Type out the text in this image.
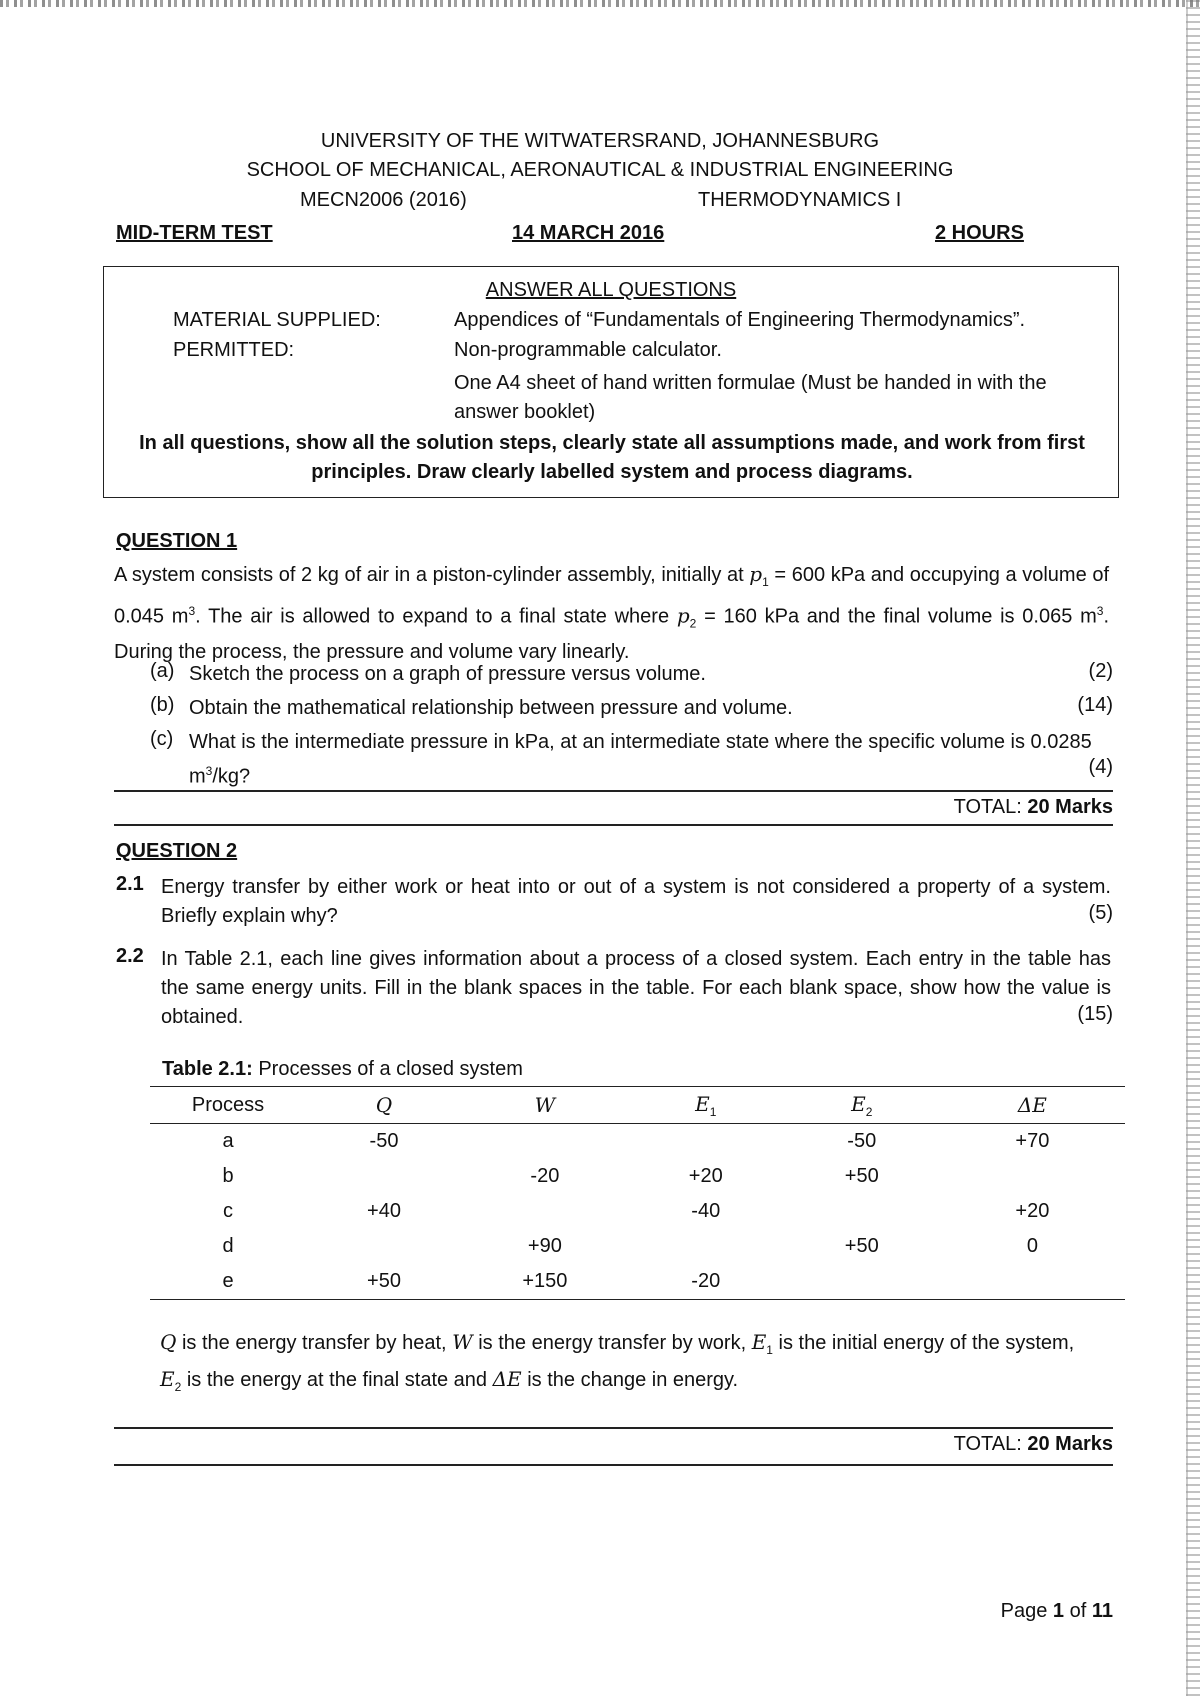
UNIVERSITY OF THE WITWATERSRAND, JOHANNESBURG
SCHOOL OF MECHANICAL, AERONAUTICAL & INDUSTRIAL ENGINEERING
MECN2006 (2016)	THERMODYNAMICS I
MID-TERM TEST	14 MARCH 2016	2 HOURS
ANSWER ALL QUESTIONS
MATERIAL SUPPLIED:	Appendices of “Fundamentals of Engineering Thermodynamics”.
PERMITTED:	Non-programmable calculator.
One A4 sheet of hand written formulae (Must be handed in with the answer booklet)
In all questions, show all the solution steps, clearly state all assumptions made, and work from first principles. Draw clearly labelled system and process diagrams.
QUESTION 1
A system consists of 2 kg of air in a piston-cylinder assembly, initially at $p_1 = 600$ kPa and occupying a volume of 0.045 $m^3$. The air is allowed to expand to a final state where $p_2 = 160$ kPa and the final volume is 0.065 $m^3$. During the process, the pressure and volume vary linearly.
(a) Sketch the process on a graph of pressure versus volume.	(2)
(b) Obtain the mathematical relationship between pressure and volume.	(14)
(c) What is the intermediate pressure in kPa, at an intermediate state where the specific volume is 0.0285 $m^3/kg$?	(4)
TOTAL: 20 Marks
QUESTION 2
2.1 Energy transfer by either work or heat into or out of a system is not considered a property of a system. Briefly explain why?	(5)
2.2 In Table 2.1, each line gives information about a process of a closed system. Each entry in the table has the same energy units. Fill in the blank spaces in the table. For each blank space, show how the value is obtained.	(15)
Table 2.1: Processes of a closed system
Process	Q	W	$E_1$	$E_2$	ΔE
a	-50			-50	+70
b		-20	+20	+50	
c	+40		-40		+20
d		+90		+50	0
e	+50	+150	-20		
Q is the energy transfer by heat, W is the energy transfer by work, $E_1$ is the initial energy of the system, $E_2$ is the energy at the final state and ΔE is the change in energy.
TOTAL: 20 Marks
Page 1 of 11
